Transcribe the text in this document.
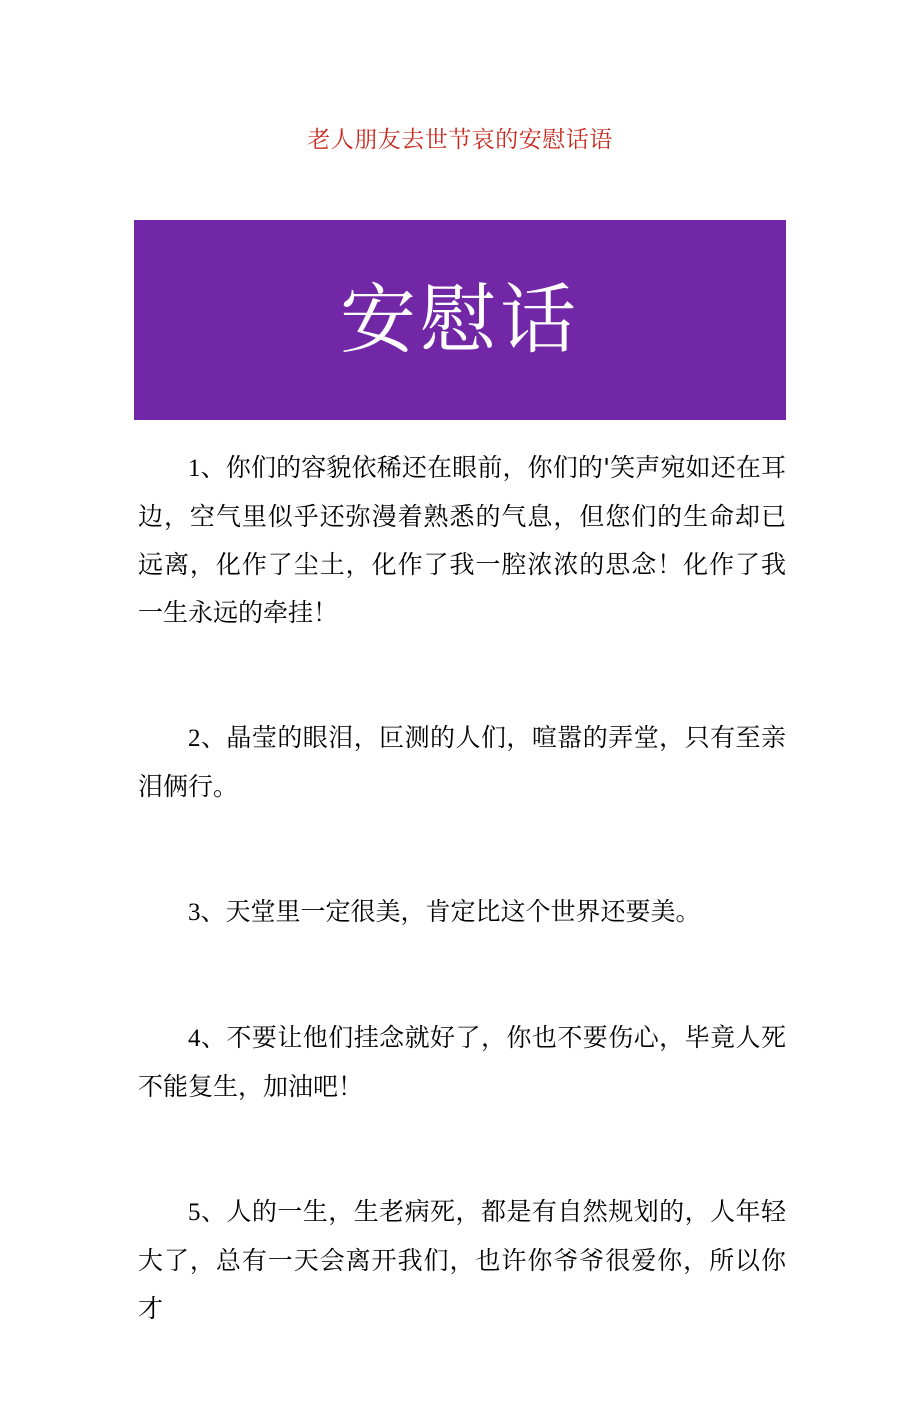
老人朋友去世节哀的安慰话语
安慰话

1、你们的容貌依稀还在眼前，你们的'笑声宛如还在耳边，空气里似乎还弥漫着熟悉的气息，但您们的生命却已远离，化作了尘土，化作了我一腔浓浓的思念！化作了我一生永远的牵挂！

2、晶莹的眼泪，叵测的人们，喧嚣的弄堂，只有至亲泪俩行。

3、天堂里一定很美，肯定比这个世界还要美。

4、不要让他们挂念就好了，你也不要伤心，毕竟人死不能复生，加油吧！

5、人的一生，生老病死，都是有自然规划的，人年轻大了，总有一天会离开我们，也许你爷爷很爱你，所以你才
